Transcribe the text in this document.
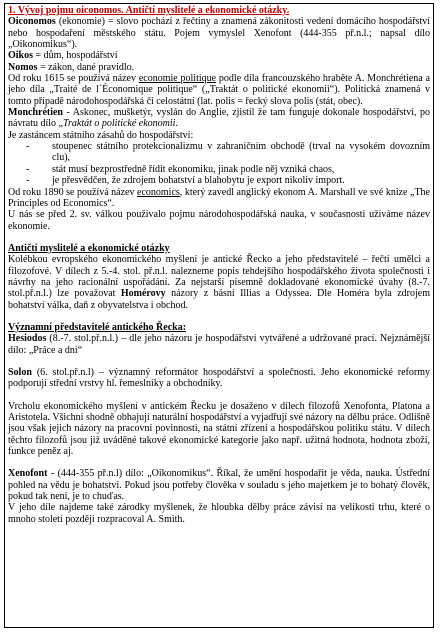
1. Vývoj pojmu oiconomos. Antičtí myslitelé a ekonomické otázky.

Oiconomos (ekonomie) = slovo pochází z řečtiny a znamená zákonitosti vedení domácího hospodářství nebo hospodaření městského státu. Pojem vymyslel Xenofont (444-355 př.n.l.; napsal dílo „Oikonomikus“).

Oikos = dům, hospodářství

Nomos = zákon, dané pravidlo.

Od roku 1615 se používá název economie politique podle díla francouzského hraběte A. Monchrétiena a jeho díla „Traité de l´Économique politique“ („Traktát o politické ekonomii“). Politická znamená v tomto případě národohospodářská či celostátní (lat. polis = řecký slova polis (stát, obec).

Monchrétien - Askonec, mušketýr, vyslán do Anglie, zjistil že tam funguje dokonale hospodářství, po návratu dílo „Traktát o politické ekonomii.

Je zastáncem státního zásahů do hospodářství:

- stoupenec státního protekcionalizmu v zahraničním obchodě (trval na vysokém dovozním clu),
- stát musí bezprostředně řídit ekonomiku, jinak podle něj vzniká chaos,
- je přesvědčen, že zdrojem bohatství a blahobytu je export nikoliv import.

Od roku 1890 se používá název economics, který zavedl anglický ekonom A. Marshall ve své knize „The Principles od Economics“.

U nás se před 2. sv. válkou používalo pojmu národohospodářská nauka, v současnosti užíváme název ekonomie.

Antičtí myslitelé a ekonomické otázky

Kolébkou evropského ekonomického myšlení je antické Řecko a jeho představitelé – řečtí umělci a filozofové. V dílech z 5.-4. stol. př.n.l. nalezneme popis tehdejšího hospodářského života společnosti i návrhy na jeho racionální uspořádání. Za nejstarší písemně dokladované ekonomické úvahy (8.-7. stol.př.n.l.) lze považovat Homérovy názory z básní Illias a Odyssea. Dle Homéra byla zdrojem bohatství válka, daň z obyvatelstva i obchod.

Významní představitelé antického Řecka:

Hesiodos (8.-7. stol.př.n.l.) – dle jeho názoru je hospodářství vytvářené a udržované prací. Nejznámější dílo: „Práce a dni“

Solon (6. stol.př.n.l) – významný reformátor hospodářství a společnosti. Jeho ekonomické reformy podporují střední vrstvy hl. řemeslníky a obchodníky.

Vrcholu ekonomického myšlení v antickém Řecku je dosaženo v dílech filozofů Xenofonta, Platona a Aristotela. Všichni shodně obhajují naturální hospodářství a vyjadřují své názory na dělbu práce. Odlišně jsou však jejich názory na pracovní povinnosti, na státní zřízení a hospodářskou politiku státu. V dílech těchto filozofů jsou již uváděné takové ekonomické kategorie jako např. užitná hodnota, hodnota zboží, funkce peněz aj.

Xenofont - (444-355 př.n.l) dílo: „Oikonomikus“. Říkal, že umění hospodařit je věda, nauka. Ústřední pohled na vědu je bohatství. Pokud jsou potřeby člověka v souladu s jeho majetkem je to bohatý člověk, pokud tak není, je to chuďas.

V jeho díle najdeme také zárodky myšlenek, že hloubka dělby práce závisí na velikosti trhu, které o mnoho století později rozpracoval A. Smith.
